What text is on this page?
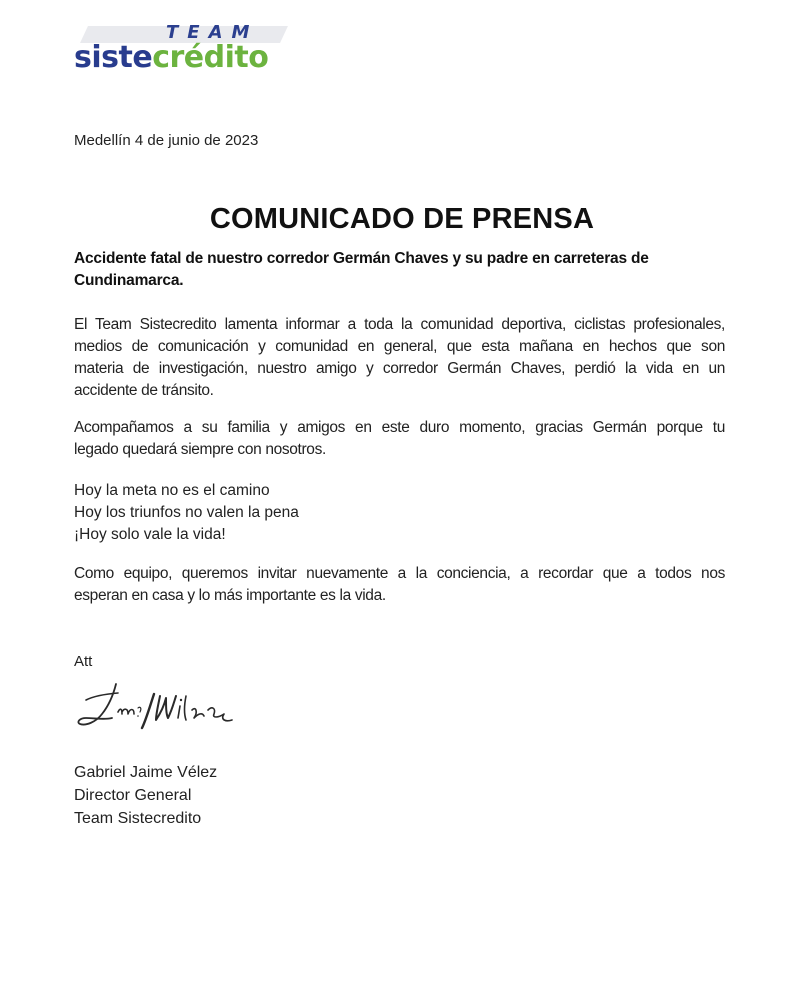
TEAM
sistecrédito
Medellín 4 de junio de 2023
COMUNICADO DE PRENSA
Accidente fatal de nuestro corredor Germán Chaves y su padre en carreteras de Cundinamarca.
El Team Sistecredito lamenta informar a toda la comunidad deportiva, ciclistas profesionales,
medios de comunicación y comunidad en general, que esta mañana en hechos que son
materia de investigación, nuestro amigo y corredor Germán Chaves, perdió la vida en un
accidente de tránsito.
Acompañamos a su familia y amigos en este duro momento, gracias Germán porque tu
legado quedará siempre con nosotros.
Hoy la meta no es el camino
Hoy los triunfos no valen la pena
¡Hoy solo vale la vida!
Como equipo, queremos invitar nuevamente a la conciencia, a recordar que a todos nos
esperan en casa y lo más importante es la vida.
Att
Gabriel Jaime Vélez
Director General
Team Sistecredito
